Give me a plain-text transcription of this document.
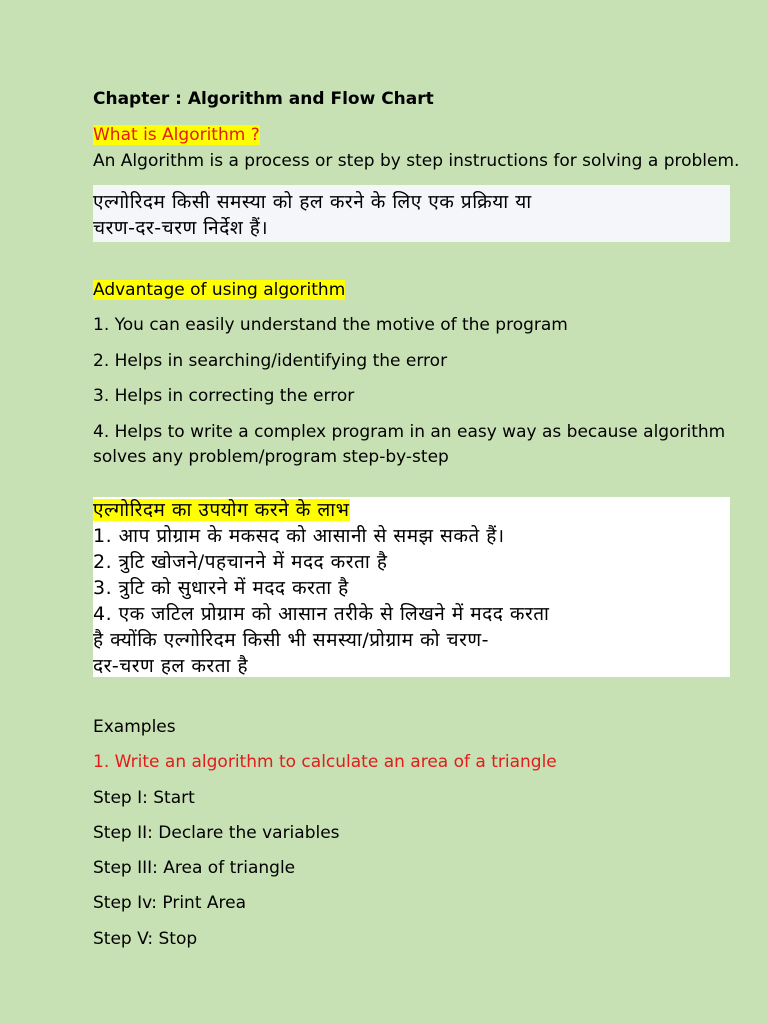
Chapter : Algorithm and Flow Chart
What is Algorithm ?
An Algorithm is a process or step by step instructions for solving a problem.
एल्गोरिदम किसी समस्या को हल करने के लिए एक प्रक्रिया या
चरण-दर-चरण निर्देश हैं।
Advantage of using algorithm
1. You can easily understand the motive of the program
2. Helps in searching/identifying the error
3. Helps in correcting the error
4. Helps to write a complex program in an easy way as because algorithm
solves any problem/program step-by-step
एल्गोरिदम का उपयोग करने के लाभ
1. आप प्रोग्राम के मकसद को आसानी से समझ सकते हैं।
2. त्रुटि खोजने/पहचानने में मदद करता है
3. त्रुटि को सुधारने में मदद करता है
4. एक जटिल प्रोग्राम को आसान तरीके से लिखने में मदद करता
है क्योंकि एल्गोरिदम किसी भी समस्या/प्रोग्राम को चरण-
दर-चरण हल करता है
Examples
1. Write an algorithm to calculate an area of a triangle
Step I: Start
Step II: Declare the variables
Step III: Area of triangle
Step Iv: Print Area
Step V: Stop
